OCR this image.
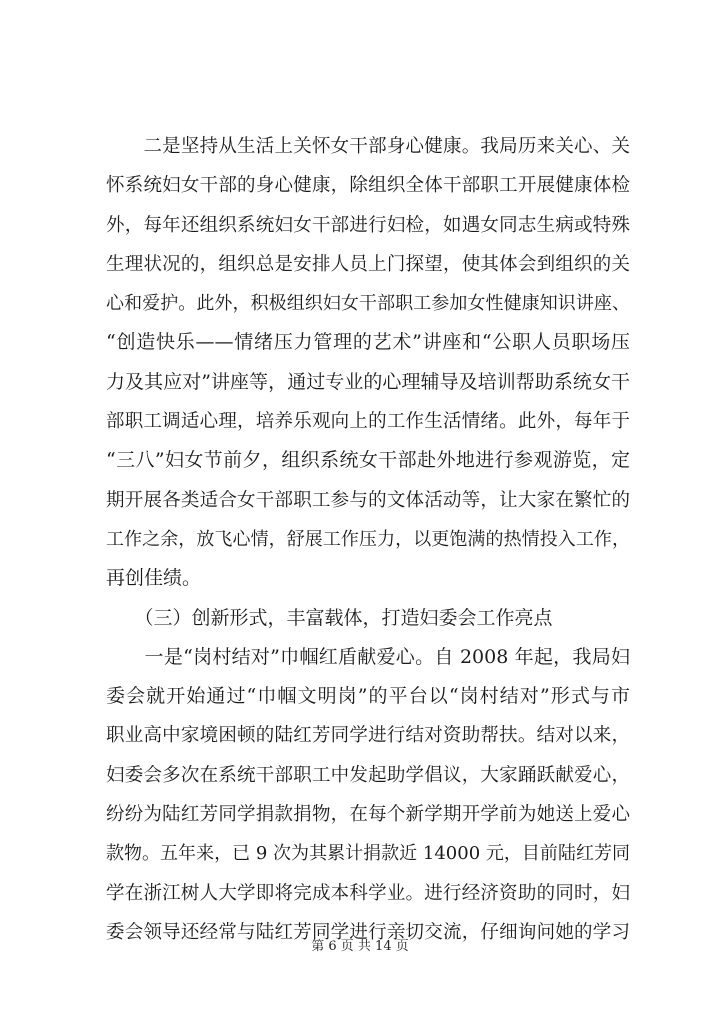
　　二是坚持从生活上关怀女干部身心健康。我局历来关心、关
怀系统妇女干部的身心健康，除组织全体干部职工开展健康体检
外，每年还组织系统妇女干部进行妇检，如遇女同志生病或特殊
生理状况的，组织总是安排人员上门探望，使其体会到组织的关
心和爱护。此外，积极组织妇女干部职工参加女性健康知识讲座、
“创造快乐——情绪压力管理的艺术”讲座和“公职人员职场压
力及其应对”讲座等，通过专业的心理辅导及培训帮助系统女干
部职工调适心理，培养乐观向上的工作生活情绪。此外，每年于
“三八”妇女节前夕，组织系统女干部赴外地进行参观游览，定
期开展各类适合女干部职工参与的文体活动等，让大家在繁忙的
工作之余，放飞心情，舒展工作压力，以更饱满的热情投入工作，
再创佳绩。
　　（三）创新形式，丰富载体，打造妇委会工作亮点
　　一是“岗村结对”巾帼红盾献爱心。自 2008 年起，我局妇
委会就开始通过“巾帼文明岗”的平台以“岗村结对”形式与市
职业高中家境困顿的陆红芳同学进行结对资助帮扶。结对以来，
妇委会多次在系统干部职工中发起助学倡议，大家踊跃献爱心，
纷纷为陆红芳同学捐款捐物，在每个新学期开学前为她送上爱心
款物。五年来，已 9 次为其累计捐款近 14000 元，目前陆红芳同
学在浙江树人大学即将完成本科学业。进行经济资助的同时，妇
委会领导还经常与陆红芳同学进行亲切交流，仔细询问她的学习
第 6 页 共 14 页
